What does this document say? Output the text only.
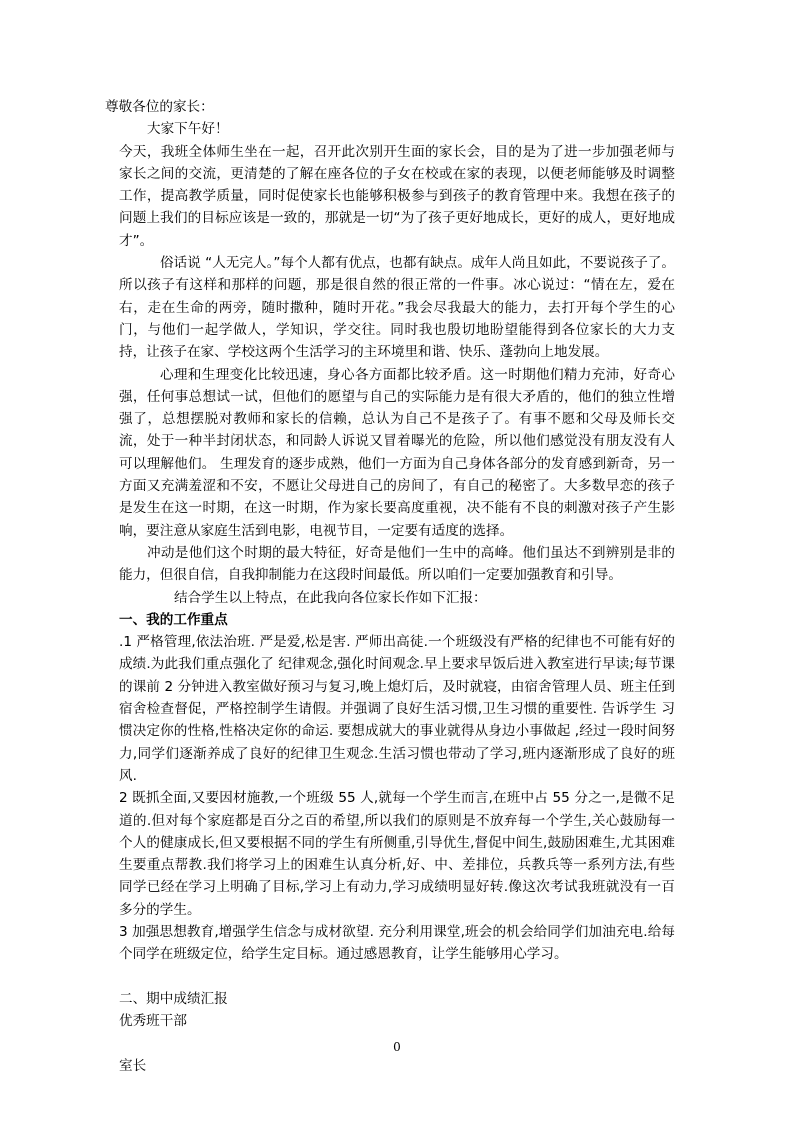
尊敬各位的家长：

大家下午好！

今天，我班全体师生坐在一起，召开此次别开生面的家长会，目的是为了进一步加强老师与家长之间的交流，更清楚的了解在座各位的子女在校或在家的表现，以便老师能够及时调整工作，提高教学质量，同时促使家长也能够积极参与到孩子的教育管理中来。我想在孩子的问题上我们的目标应该是一致的，那就是一切“为了孩子更好地成长，更好的成人，更好地成才”。

俗话说 “人无完人。”每个人都有优点，也都有缺点。成年人尚且如此，不要说孩子了。所以孩子有这样和那样的问题，那是很自然的很正常的一件事。冰心说过：“情在左，爱在右，走在生命的两旁，随时撒种，随时开花。”我会尽我最大的能力，去打开每个学生的心门，与他们一起学做人，学知识，学交往。同时我也殷切地盼望能得到各位家长的大力支持，让孩子在家、学校这两个生活学习的主环境里和谐、快乐、蓬勃向上地发展。

心理和生理变化比较迅速，身心各方面都比较矛盾。这一时期他们精力充沛，好奇心强，任何事总想试一试，但他们的愿望与自己的实际能力是有很大矛盾的，他们的独立性增强了，总想摆脱对教师和家长的信赖，总认为自己不是孩子了。有事不愿和父母及师长交流，处于一种半封闭状态，和同龄人诉说又冒着曝光的危险，所以他们感觉没有朋友没有人可以理解他们。 生理发育的逐步成熟，他们一方面为自己身体各部分的发育感到新奇，另一方面又充满羞涩和不安，不愿让父母进自己的房间了，有自己的秘密了。大多数早恋的孩子是发生在这一时期，在这一时期，作为家长要高度重视，决不能有不良的刺激对孩子产生影响，要注意从家庭生活到电影，电视节目，一定要有适度的选择。

冲动是他们这个时期的最大特征，好奇是他们一生中的高峰。他们虽达不到辨别是非的能力，但很自信，自我抑制能力在这段时间最低。所以咱们一定要加强教育和引导。

结合学生以上特点，在此我向各位家长作如下汇报：

一、我的工作重点

.1 严格管理,依法治班. 严是爱,松是害. 严师出高徒.一个班级没有严格的纪律也不可能有好的成绩.为此我们重点强化了 纪律观念,强化时间观念.早上要求早饭后进入教室进行早读;每节课的课前 2 分钟进入教室做好预习与复习,晚上熄灯后，及时就寝，由宿舍管理人员、班主任到宿舍检查督促，严格控制学生请假。并强调了良好生活习惯,卫生习惯的重要性. 告诉学生 习惯决定你的性格,性格决定你的命运. 要想成就大的事业就得从身边小事做起 ,经过一段时间努力,同学们逐渐养成了良好的纪律卫生观念.生活习惯也带动了学习,班内逐渐形成了良好的班风.

2 既抓全面,又要因材施教,一个班级 55 人,就每一个学生而言,在班中占 55 分之一,是微不足道的.但对每个家庭都是百分之百的希望,所以我们的原则是不放弃每一个学生,关心鼓励每一个人的健康成长,但又要根据不同的学生有所侧重,引导优生,督促中间生,鼓励困难生,尤其困难生要重点帮教.我们将学习上的困难生认真分析,好、中、差排位，兵教兵等一系列方法,有些同学已经在学习上明确了目标,学习上有动力,学习成绩明显好转.像这次考试我班就没有一百多分的学生。

3 加强思想教育,增强学生信念与成材欲望. 充分利用课堂,班会的机会给同学们加油充电.给每个同学在班级定位，给学生定目标。通过感恩教育，让学生能够用心学习。

二、期中成绩汇报

优秀班干部

室长

0
